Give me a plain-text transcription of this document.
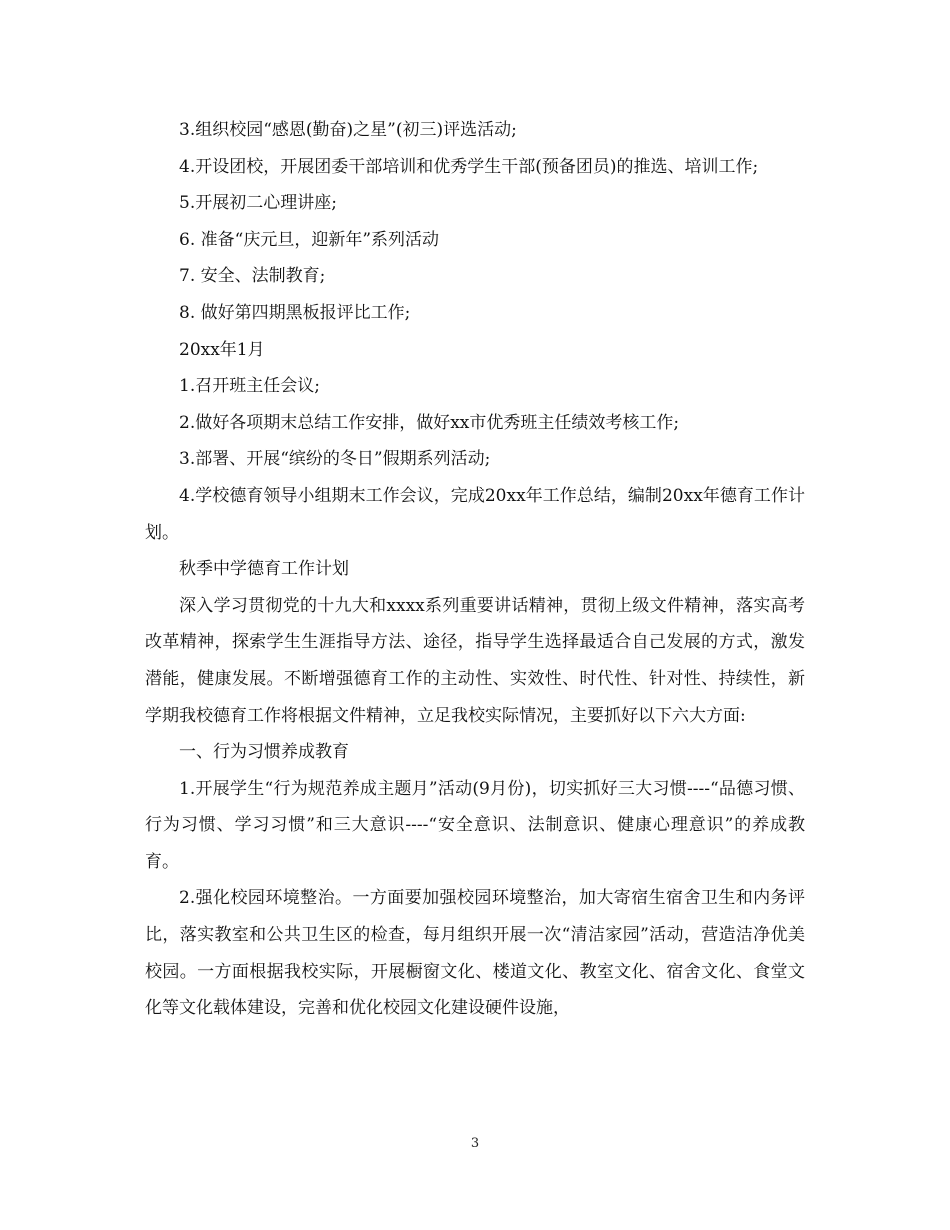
3.组织校园“感恩(勤奋)之星”(初三)评选活动;

4.开设团校，开展团委干部培训和优秀学生干部(预备团员)的推选、培训工作;

5.开展初二心理讲座;

6. 准备“庆元旦，迎新年”系列活动

7. 安全、法制教育;

8. 做好第四期黑板报评比工作;

20xx年1月

1.召开班主任会议;

2.做好各项期末总结工作安排，做好xx市优秀班主任绩效考核工作;

3.部署、开展“缤纷的冬日”假期系列活动;

4.学校德育领导小组期末工作会议，完成20xx年工作总结，编制20xx年德育工作计划。

秋季中学德育工作计划

深入学习贯彻党的十九大和xxxx系列重要讲话精神，贯彻上级文件精神，落实高考改革精神，探索学生生涯指导方法、途径，指导学生选择最适合自己发展的方式，激发潜能，健康发展。不断增强德育工作的主动性、实效性、时代性、针对性、持续性，新学期我校德育工作将根据文件精神，立足我校实际情况，主要抓好以下六大方面:

一、行为习惯养成教育

1.开展学生“行为规范养成主题月”活动(9月份)，切实抓好三大习惯----“品德习惯、行为习惯、学习习惯”和三大意识----“安全意识、法制意识、健康心理意识”的养成教育。

2.强化校园环境整治。一方面要加强校园环境整治，加大寄宿生宿舍卫生和内务评比，落实教室和公共卫生区的检查，每月组织开展一次“清洁家园”活动，营造洁净优美校园。一方面根据我校实际，开展橱窗文化、楼道文化、教室文化、宿舍文化、食堂文化等文化载体建设，完善和优化校园文化建设硬件设施，

3
